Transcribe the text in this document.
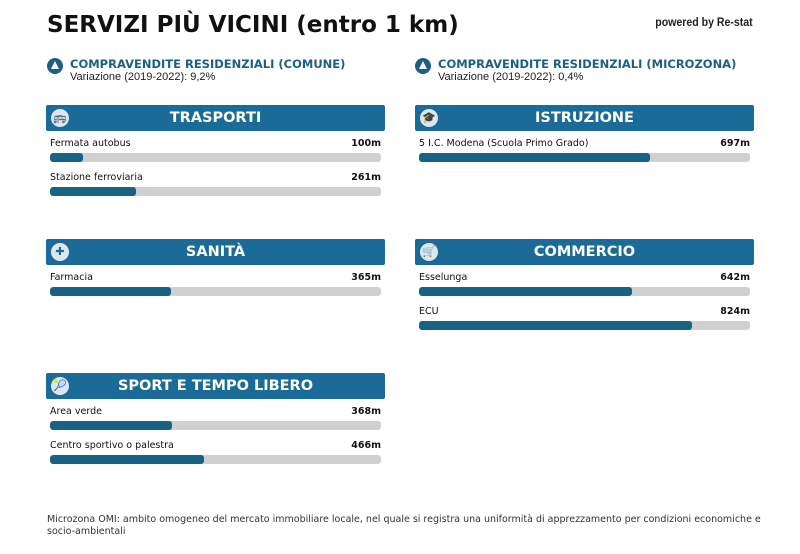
SERVIZI PIÙ VICINI (entro 1 km)	powered by Re-stat
COMPRAVENDITE RESIDENZIALI (COMUNE)
Variazione (2019-2022): 9,2%
COMPRAVENDITE RESIDENZIALI (MICROZONA)
Variazione (2019-2022): 0,4%
🚌	TRASPORTI
Fermata autobus	100m
Stazione ferroviaria	261m
🎓	ISTRUZIONE
5 I.C. Modena (Scuola Primo Grado)	697m
✚	SANITÀ
Farmacia	365m
🛒	COMMERCIO
Esselunga	642m
ECU	824m
🎾	SPORT E TEMPO LIBERO
Area verde	368m
Centro sportivo o palestra	466m
Microzona OMI: ambito omogeneo del mercato immobiliare locale, nel quale si registra una uniformità di apprezzamento per condizioni economiche e socio-ambientali
